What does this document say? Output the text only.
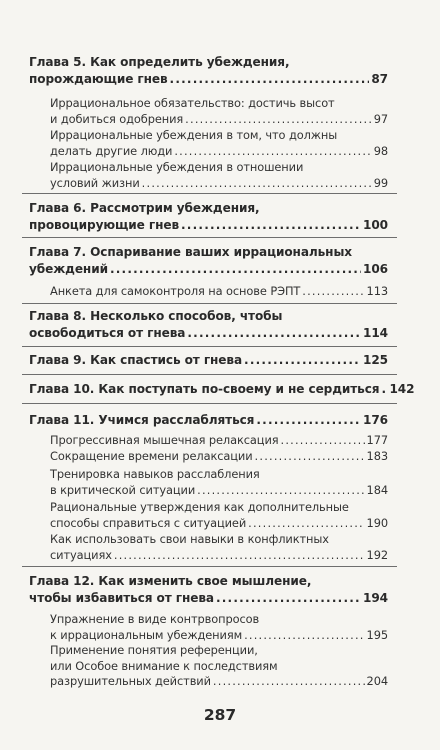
Глава 5. Как определить убеждения,
порождающие гнев .....	87
Иррациональное обязательство: достичь высот
и добиться одобрения .....	97
Иррациональные убеждения в том, что должны
делать другие люди .....	98
Иррациональные убеждения в отношении
условий жизни .....	99
Глава 6. Рассмотрим убеждения,
провоцирующие гнев .....	100
Глава 7. Оспаривание ваших иррациональных
убеждений .....	106
Анкета для самоконтроля на основе РЭПТ .....	113
Глава 8. Несколько способов, чтобы
освободиться от гнева .....	114
Глава 9. Как спастись от гнева .....	125
Глава 10. Как поступать по-своему и не сердиться ..... 142
Глава 11. Учимся расслабляться .....	176
Прогрессивная мышечная релаксация .....	177
Сокращение времени релаксации .....	183
Тренировка навыков расслабления
в критической ситуации .....	184
Рациональные утверждения как дополнительные
способы справиться с ситуацией .....	190
Как использовать свои навыки в конфликтных
ситуациях .....	192
Глава 12. Как изменить свое мышление,
чтобы избавиться от гнева .....	194
Упражнение в виде контрвопросов
к иррациональным убеждениям .....	195
Применение понятия референции,
или Особое внимание к последствиям
разрушительных действий .....	204
287
